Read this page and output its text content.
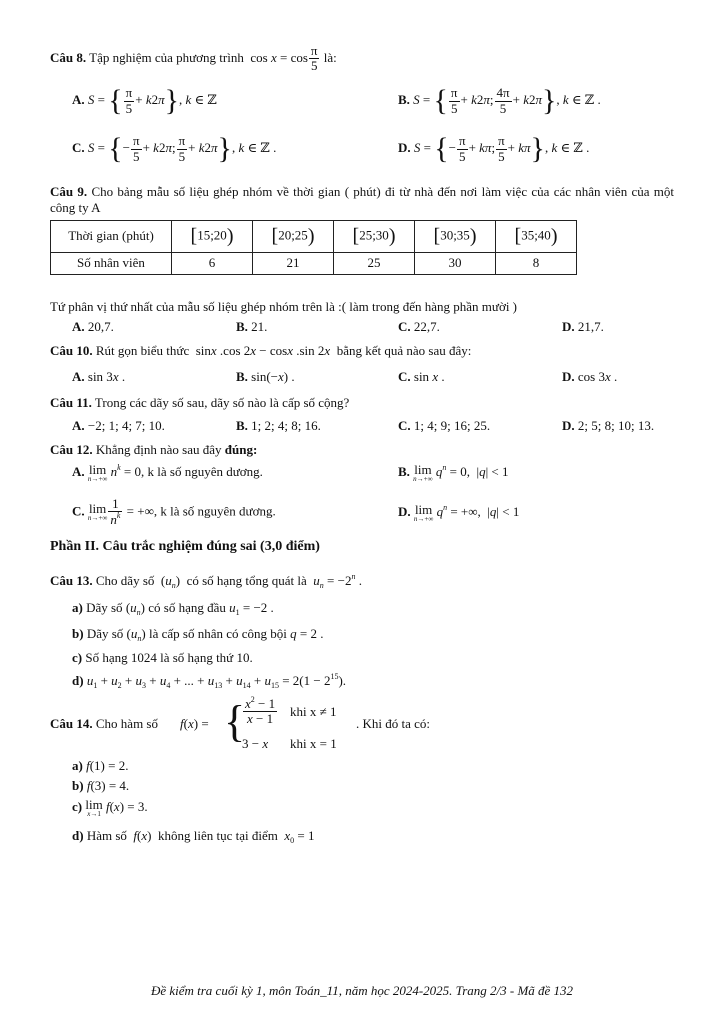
Câu 8. Tập nghiệm của phương trình  $\cos x = \cos \frac{\pi}{5}$ là:
A. S = { $\frac{\pi}{5} + k2\pi$}, k ∈ ℤ	B. S = { $\frac{\pi}{5} + k2\pi$; $\frac{4\pi}{5} + k2\pi$}, k ∈ ℤ .
C. S = {− $\frac{\pi}{5} + k2\pi$; $\frac{\pi}{5} + k2\pi$}, k ∈ ℤ .	D. S = {− $\frac{\pi}{5} + k\pi$; $\frac{\pi}{5} + k\pi$}, k ∈ ℤ .
Câu 9. Cho bảng mẫu số liệu ghép nhóm về thời gian ( phút) đi từ nhà đến nơi làm việc của các nhân viên của một công ty A
Thời gian (phút)	[15;20)	[20;25)	[25;30)	[30;35)	[35;40)
Số nhân viên	6	21	25	30	8
Tứ phân vị thứ nhất của mẫu số liệu ghép nhóm trên là :( làm trong đến hàng phần mười )
A. 20,7.	B. 21.	C. 22,7.	D. 21,7.
Câu 10. Rút gọn biểu thức  sinx .cos 2x − cosx .sin 2x bằng kết quả nào sau đây:
A. sin 3x .	B. sin(−x) .	C. sin x .	D. cos 3x .
Câu 11. Trong các dãy số sau, dãy số nào là cấp số cộng?
A. −2; 1; 4; 7; 10.	B. 1; 2; 4; 8; 16.	C. 1; 4; 9; 16; 25.	D. 2; 5; 8; 10; 13.
Câu 12. Khẳng định nào sau đây đúng:
A. lim
n→+∞
$n^k = 0$, k là số nguyên dương.	B. lim
n→+∞
$q^n = 0$,  |q| < 1
C. lim
$n\to+\infty \frac{1}{n^k}$ = +∞, k là số nguyên dương.	D. lim
n→+∞
$q^n$ = +∞,  |q| < 1
Phần II. Câu trắc nghiệm đúng sai (3,0 điểm)
Câu 13. Cho dãy số  $(u_n)$  có số hạng tổng quát là $u_n = -2^n$ .
a) Dãy số $(u_n)$ có số hạng đầu $u_1 = -2$ .
b) Dãy số $(u_n)$ là cấp số nhân có công bội q = 2 .
c) Số hạng 1024 là số hạng thứ 10.
d) $u_1 + u_2 + u_3 + u_4$ + ... + $u_{13} + u_{14} + u_{15} = 2(1 - 2^{15})$.
Câu 14. Cho hàm số f(x) = {
$\frac{x^2 - 1}{x - 1}$ khi x ≠ 1
3 − x khi x = 1
. Khi đó ta có:
a) f(1) = 2.
b) f(3) = 4.
c) lim
x→1
f(x) = 3.
d) Hàm số f(x)  không liên tục tại điểm $x_0 = 1$
Đề kiểm tra cuối kỳ 1, môn Toán_11, năm học 2024-2025. Trang 2/3 - Mã đề 132
